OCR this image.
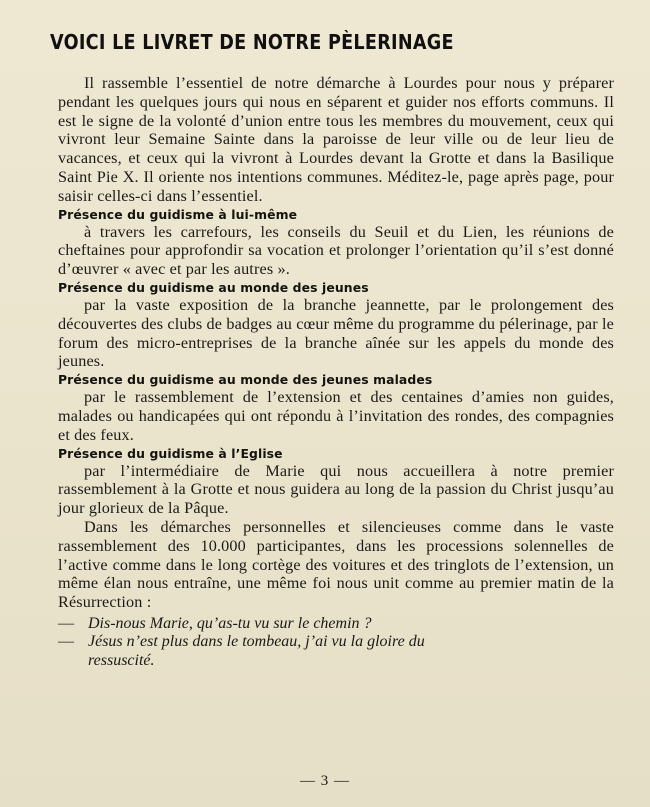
VOICI LE LIVRET DE NOTRE PÈLERINAGE

Il rassemble l’essentiel de notre démarche à Lourdes pour nous y préparer pendant les quelques jours qui nous en séparent et guider nos efforts communs. Il est le signe de la volonté d’union entre tous les membres du mouvement, ceux qui vivront leur Semaine Sainte dans la paroisse de leur ville ou de leur lieu de vacances, et ceux qui la vivront à Lourdes devant la Grotte et dans la Basilique Saint Pie X. Il oriente nos intentions communes. Méditez-le, page après page, pour saisir celles-ci dans l’essentiel.

Présence du guidisme à lui-même

à travers les carrefours, les conseils du Seuil et du Lien, les réunions de cheftaines pour approfondir sa vocation et prolonger l’orientation qu’il s’est donné d’œuvrer « avec et par les autres ».

Présence du guidisme au monde des jeunes

par la vaste exposition de la branche jeannette, par le prolongement des découvertes des clubs de badges au cœur même du programme du pélerinage, par le forum des micro-entreprises de la branche aînée sur les appels du monde des jeunes.

Présence du guidisme au monde des jeunes malades

par le rassemblement de l’extension et des centaines d’amies non guides, malades ou handicapées qui ont répondu à l’invitation des rondes, des compagnies et des feux.

Présence du guidisme à l’Eglise

par l’intermédiaire de Marie qui nous accueillera à notre premier rassemblement à la Grotte et nous guidera au long de la passion du Christ jusqu’au jour glorieux de la Pâque.

Dans les démarches personnelles et silencieuses comme dans le vaste rassemblement des 10.000 participantes, dans les processions solennelles de l’active comme dans le long cortège des voitures et des tringlots de l’extension, un même élan nous entraîne, une même foi nous unit comme au premier matin de la Résurrection :

— Dis-nous Marie, qu’as-tu vu sur le chemin ?
— Jésus n’est plus dans le tombeau, j’ai vu la gloire du
ressuscité.
— 3 —
